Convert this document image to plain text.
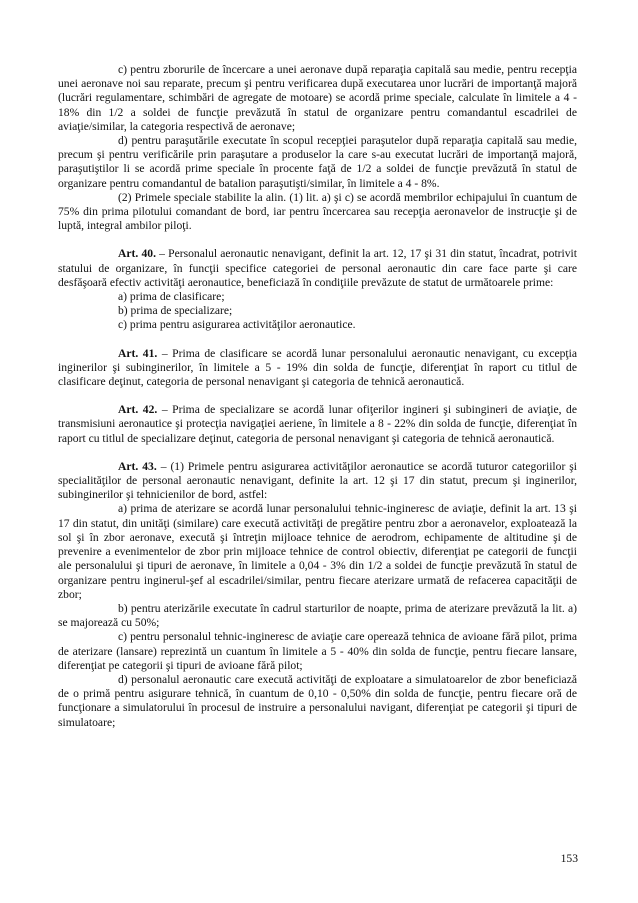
c) pentru zborurile de încercare a unei aeronave după reparaţia capitală sau medie, pentru recepţia unei aeronave noi sau reparate, precum şi pentru verificarea după executarea unor lucrări de importanţă majoră (lucrări regulamentare, schimbări de agregate de motoare) se acordă prime speciale, calculate în limitele a 4 - 18% din 1/2 a soldei de funcţie prevăzută în statul de organizare pentru comandantul escadrilei de aviaţie/similar, la categoria respectivă de aeronave;

d) pentru paraşutările executate în scopul recepţiei paraşutelor după reparaţia capitală sau medie, precum şi pentru verificările prin paraşutare a produselor la care s-au executat lucrări de importanţă majoră, paraşutiştilor li se acordă prime speciale în procente faţă de 1/2 a soldei de funcţie prevăzută în statul de organizare pentru comandantul de batalion paraşutişti/similar, în limitele a 4 - 8%.

(2) Primele speciale stabilite la alin. (1) lit. a) şi c) se acordă membrilor echipajului în cuantum de 75% din prima pilotului comandant de bord, iar pentru încercarea sau recepţia aeronavelor de instrucţie şi de luptă, integral ambilor piloţi.

Art. 40. – Personalul aeronautic nenavigant, definit la art. 12, 17 şi 31 din statut, încadrat, potrivit statului de organizare, în funcţii specifice categoriei de personal aeronautic din care face parte şi care desfăşoară efectiv activităţi aeronautice, beneficiază în condiţiile prevăzute de statut de următoarele prime:

a) prima de clasificare;

b) prima de specializare;

c) prima pentru asigurarea activităţilor aeronautice.

Art. 41. – Prima de clasificare se acordă lunar personalului aeronautic nenavigant, cu excepţia inginerilor şi subinginerilor, în limitele a 5 - 19% din solda de funcţie, diferenţiat în raport cu titlul de clasificare deţinut, categoria de personal nenavigant şi categoria de tehnică aeronautică.

Art. 42. – Prima de specializare se acordă lunar ofiţerilor ingineri şi subingineri de aviaţie, de transmisiuni aeronautice şi protecţia navigaţiei aeriene, în limitele a 8 - 22% din solda de funcţie, diferenţiat în raport cu titlul de specializare deţinut, categoria de personal nenavigant şi categoria de tehnică aeronautică.

Art. 43. – (1) Primele pentru asigurarea activităţilor aeronautice se acordă tuturor categoriilor şi specialităţilor de personal aeronautic nenavigant, definite la art. 12 şi 17 din statut, precum şi inginerilor, subinginerilor şi tehnicienilor de bord, astfel:

a) prima de aterizare se acordă lunar personalului tehnic-ingineresc de aviaţie, definit la art. 13 şi 17 din statut, din unităţi (similare) care execută activităţi de pregătire pentru zbor a aeronavelor, exploatează la sol şi în zbor aeronave, execută şi întreţin mijloace tehnice de aerodrom, echipamente de altitudine şi de prevenire a evenimentelor de zbor prin mijloace tehnice de control obiectiv, diferenţiat pe categorii de funcţii ale personalului şi tipuri de aeronave, în limitele a 0,04 - 3% din 1/2 a soldei de funcţie prevăzută în statul de organizare pentru inginerul-şef al escadrilei/similar, pentru fiecare aterizare urmată de refacerea capacităţii de zbor;

b) pentru aterizările executate în cadrul starturilor de noapte, prima de aterizare prevăzută la lit. a) se majorează cu 50%;

c) pentru personalul tehnic-ingineresc de aviaţie care operează tehnica de avioane fără pilot, prima de aterizare (lansare) reprezintă un cuantum în limitele a 5 - 40% din solda de funcţie, pentru fiecare lansare, diferenţiat pe categorii şi tipuri de avioane fără pilot;

d) personalul aeronautic care execută activităţi de exploatare a simulatoarelor de zbor beneficiază de o primă pentru asigurare tehnică, în cuantum de 0,10 - 0,50% din solda de funcţie, pentru fiecare oră de funcţionare a simulatorului în procesul de instruire a personalului navigant, diferenţiat pe categorii şi tipuri de simulatoare;

153
